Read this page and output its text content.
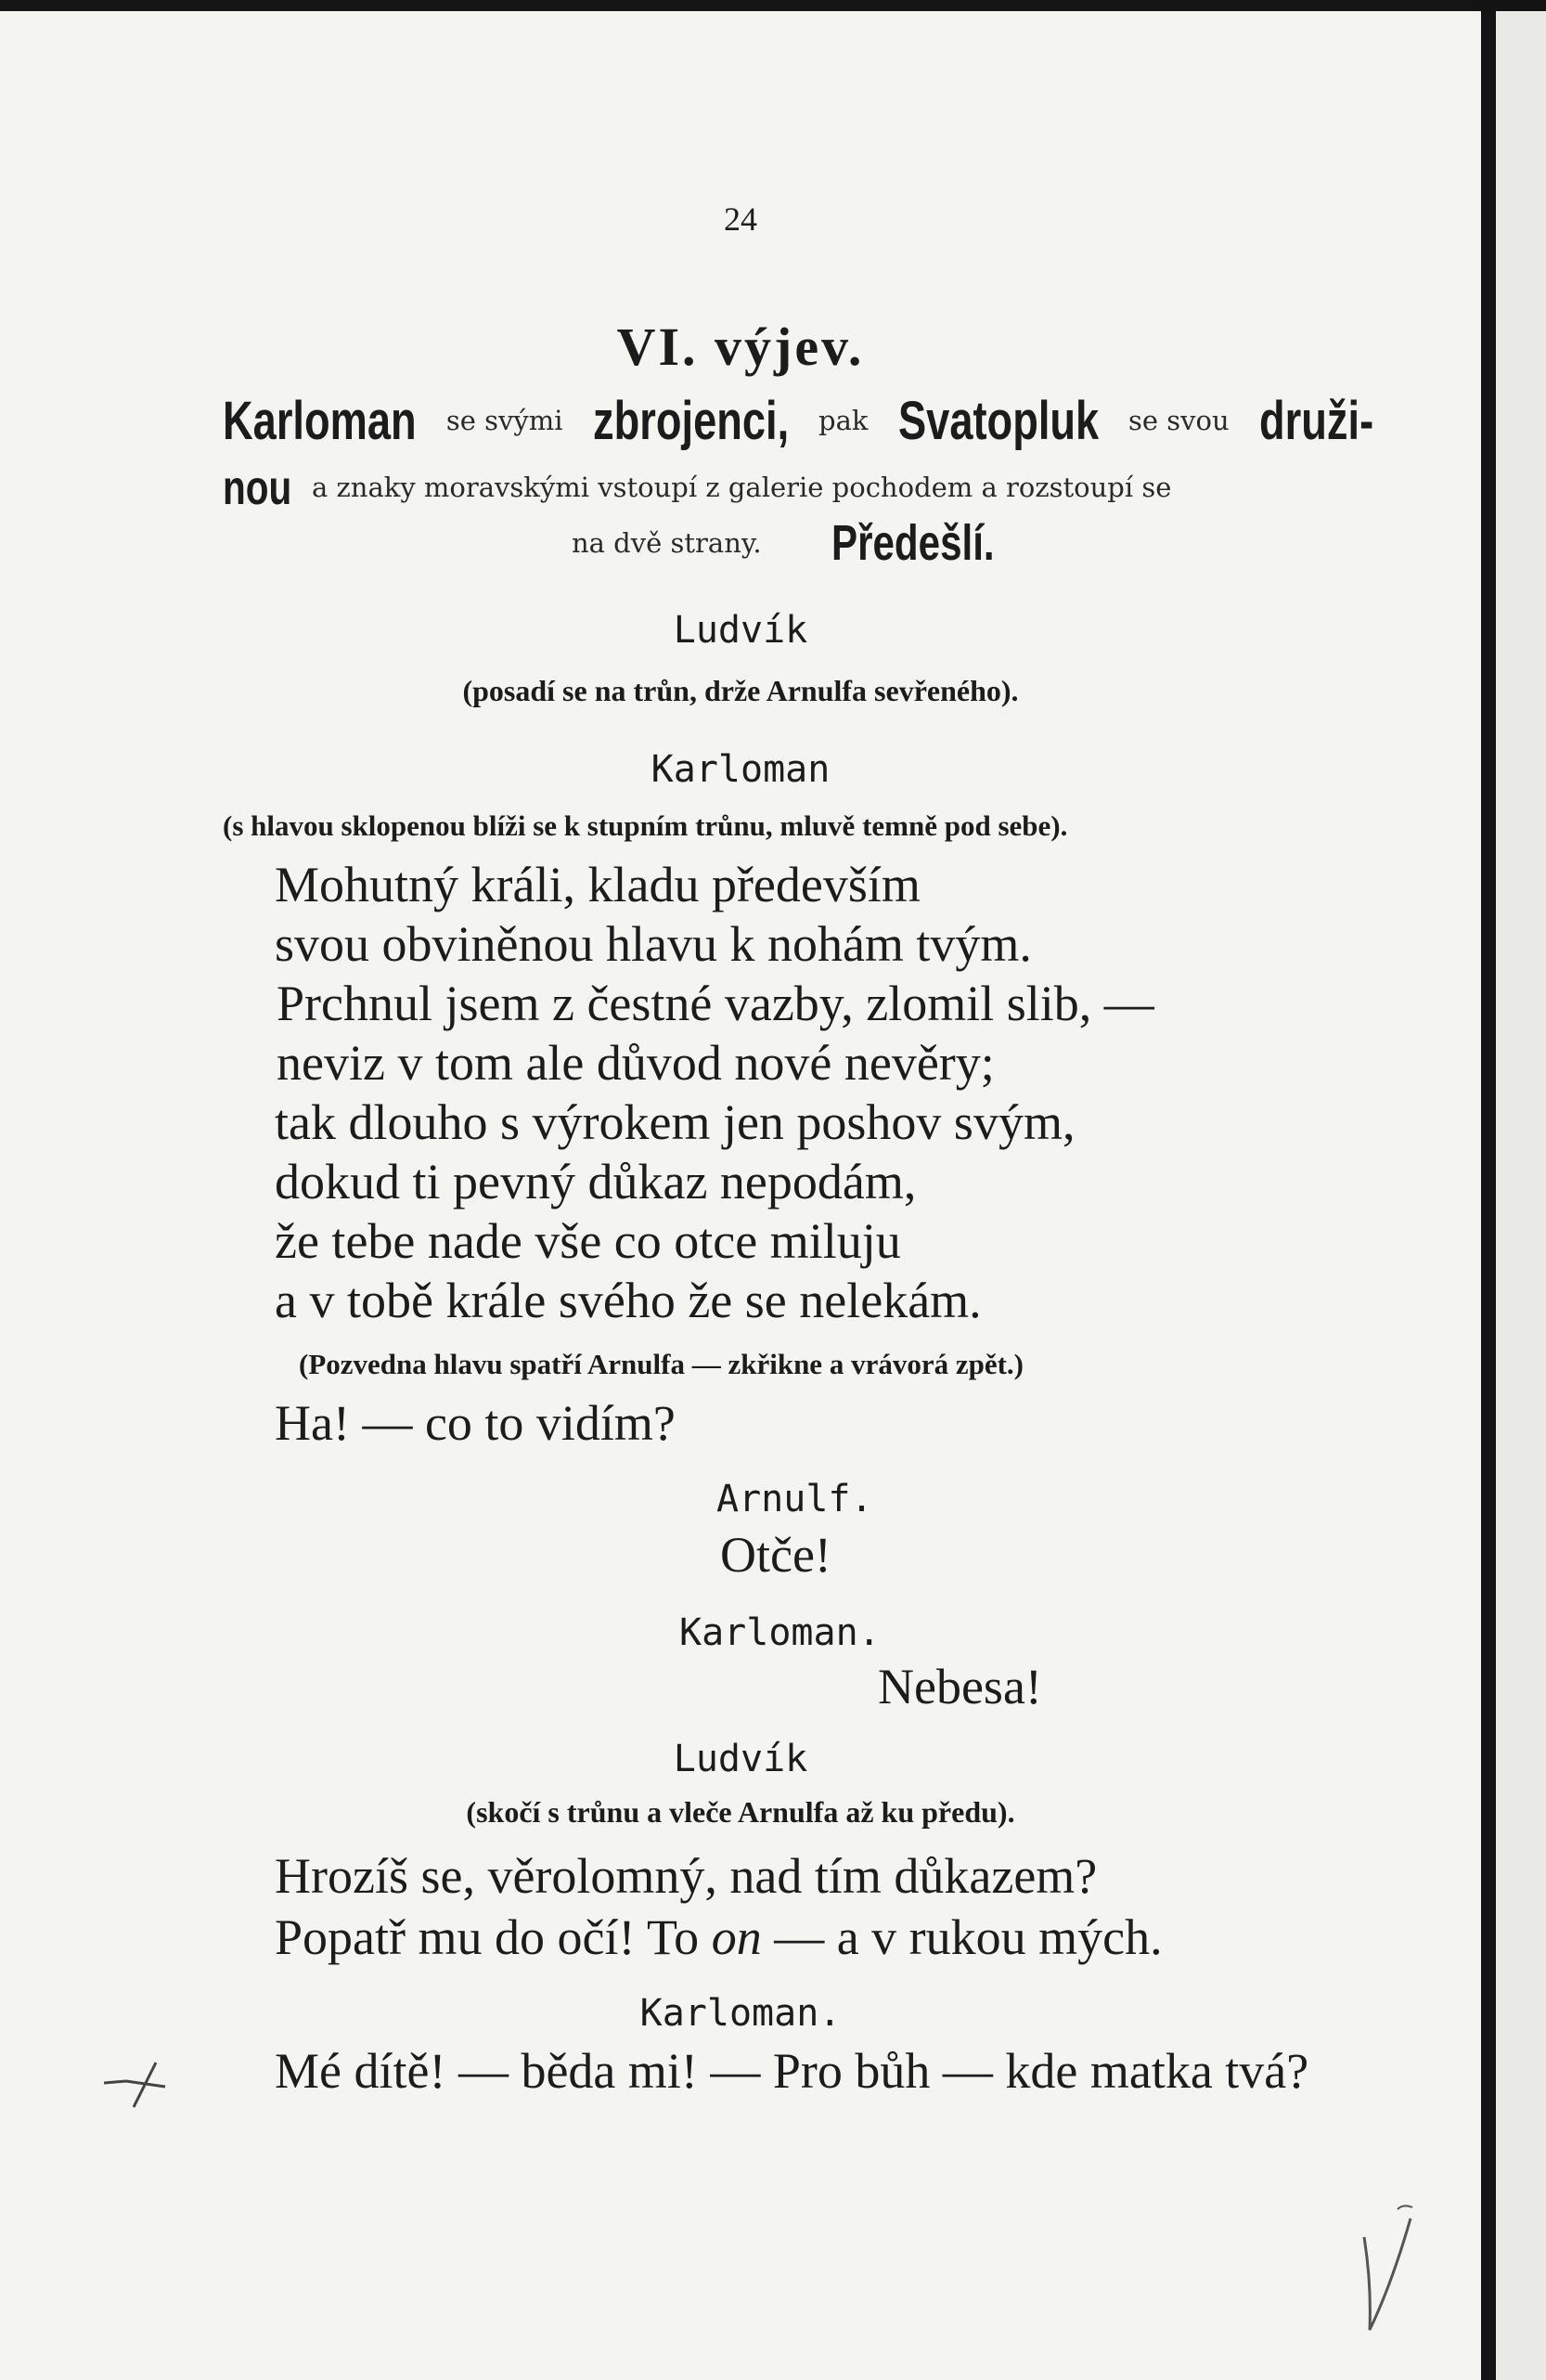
24
VI. výjev.
Karloman se svými zbrojenci, pak Svatopluk se svou druži-
nou a znaky moravskými vstoupí z galerie pochodem a rozstoupí se
na dvě strany. Předešlí.
Ludvík
(posadí se na trůn, drže Arnulfa sevřeného).
Karloman
(s hlavou sklopenou blíži se k stupním trůnu, mluvě temně pod sebe).
Mohutný králi, kladu především
svou obviněnou hlavu k nohám tvým.
Prchnul jsem z čestné vazby, zlomil slib, —
neviz v tom ale důvod nové nevěry;
tak dlouho s výrokem jen poshov svým,
dokud ti pevný důkaz nepodám,
že tebe nade vše co otce miluju
a v tobě krále svého že se nelekám.
(Pozvedna hlavu spatří Arnulfa — zkřikne a vrávorá zpět.)
Ha! — co to vidím?
Arnulf.
Otče!
Karloman.
Nebesa!
Ludvík
(skočí s trůnu a vleče Arnulfa až ku předu).
Hrozíš se, věrolomný, nad tím důkazem?
Popatř mu do očí! To on — a v rukou mých.
Karloman.
Mé dítě! — běda mi! — Pro bůh — kde matka tvá?
